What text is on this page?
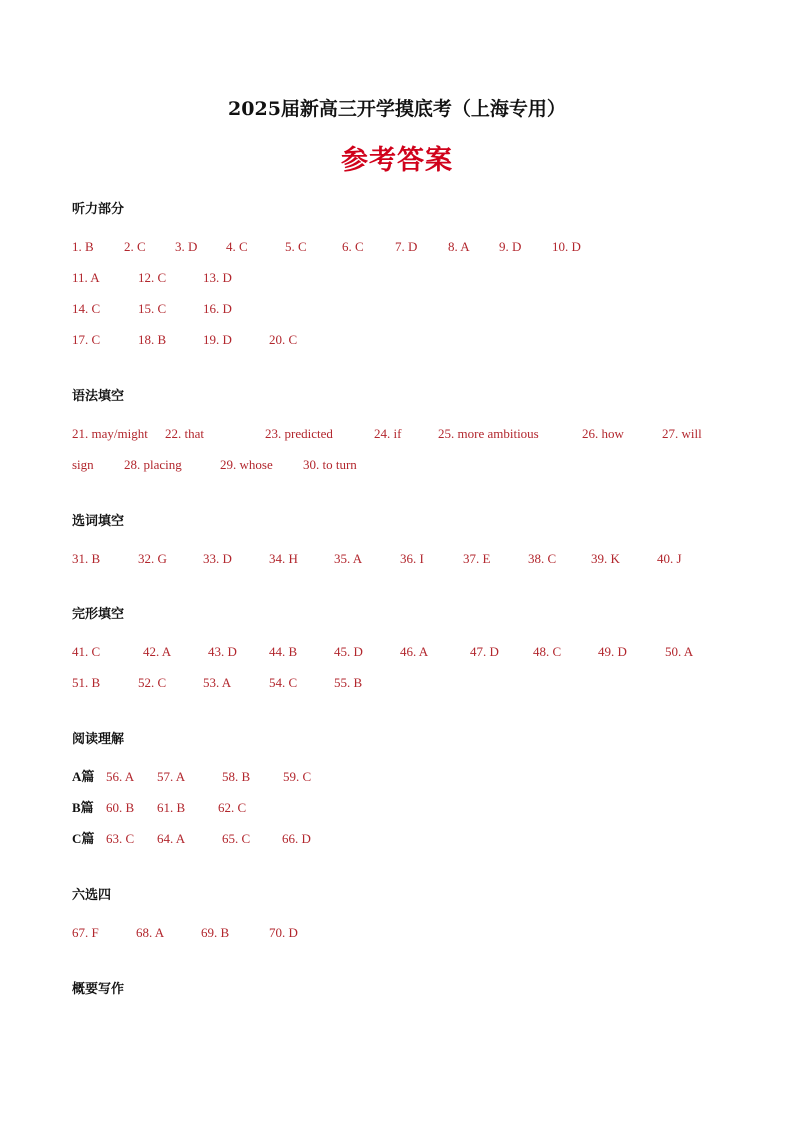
2025届新高三开学摸底考（上海专用）
参考答案
听力部分
1. B 2. C 3. D 4. C	5. C	6. C 7. D 8. A 9. D 10. D
11. A	12. C	13. D
14. C	15. C	16. D
17. C	18. B	19. D	20. C
语法填空
21. may/might 22. that	23. predicted	24. if	25. more ambitious	26. how	27. will
sign 28. placing	29. whose 30. to turn
选词填空
31. B	32. G	33. D	34. H	35. A	36. I	37. E	38. C	39. K	40. J
完形填空
41. C	42. A	43. D 44. B	45. D	46. A	47. D	48. C	49. D	50. A
51. B	52. C	53. A	54. C	55. B
阅读理解
A篇 56. A 57. A	58. B	59. C
B篇 60. B 61. B	62. C
C篇 63. C 64. A	65. C 66. D
六选四
67. F	68. A	69. B	70. D
概要写作
